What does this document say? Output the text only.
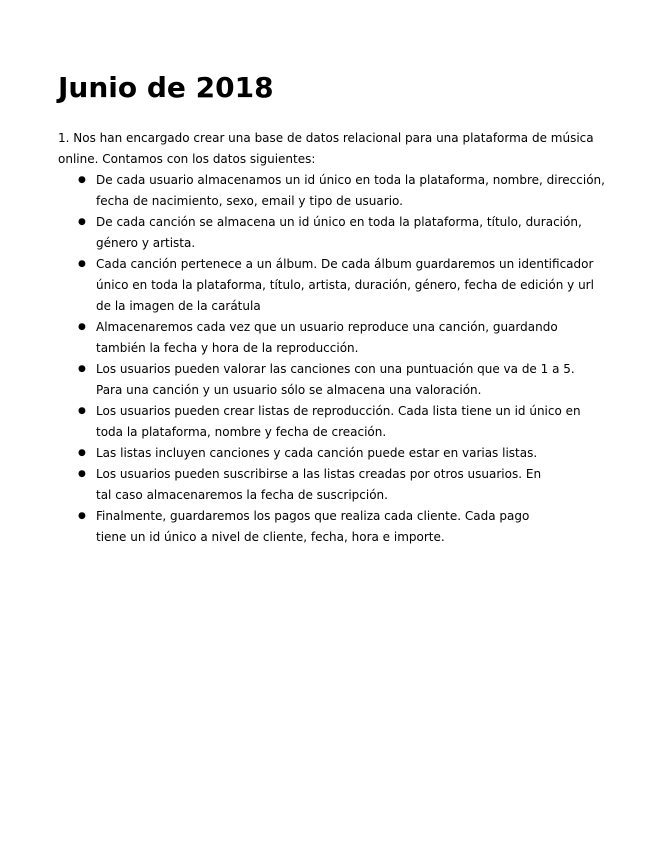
Junio de 2018

1. Nos han encargado crear una base de datos relacional para una plataforma de música
online. Contamos con los datos siguientes:

● De cada usuario almacenamos un id único en toda la plataforma, nombre, dirección,
fecha de nacimiento, sexo, email y tipo de usuario.
● De cada canción se almacena un id único en toda la plataforma, título, duración,
género y artista.
● Cada canción pertenece a un álbum. De cada álbum guardaremos un identificador
único en toda la plataforma, título, artista, duración, género, fecha de edición y url
de la imagen de la carátula
● Almacenaremos cada vez que un usuario reproduce una canción, guardando
también la fecha y hora de la reproducción.
● Los usuarios pueden valorar las canciones con una puntuación que va de 1 a 5.
Para una canción y un usuario sólo se almacena una valoración.
● Los usuarios pueden crear listas de reproducción. Cada lista tiene un id único en
toda la plataforma, nombre y fecha de creación.
● Las listas incluyen canciones y cada canción puede estar en varias listas.
● Los usuarios pueden suscribirse a las listas creadas por otros usuarios. En
tal caso almacenaremos la fecha de suscripción.
● Finalmente, guardaremos los pagos que realiza cada cliente. Cada pago
tiene un id único a nivel de cliente, fecha, hora e importe.
